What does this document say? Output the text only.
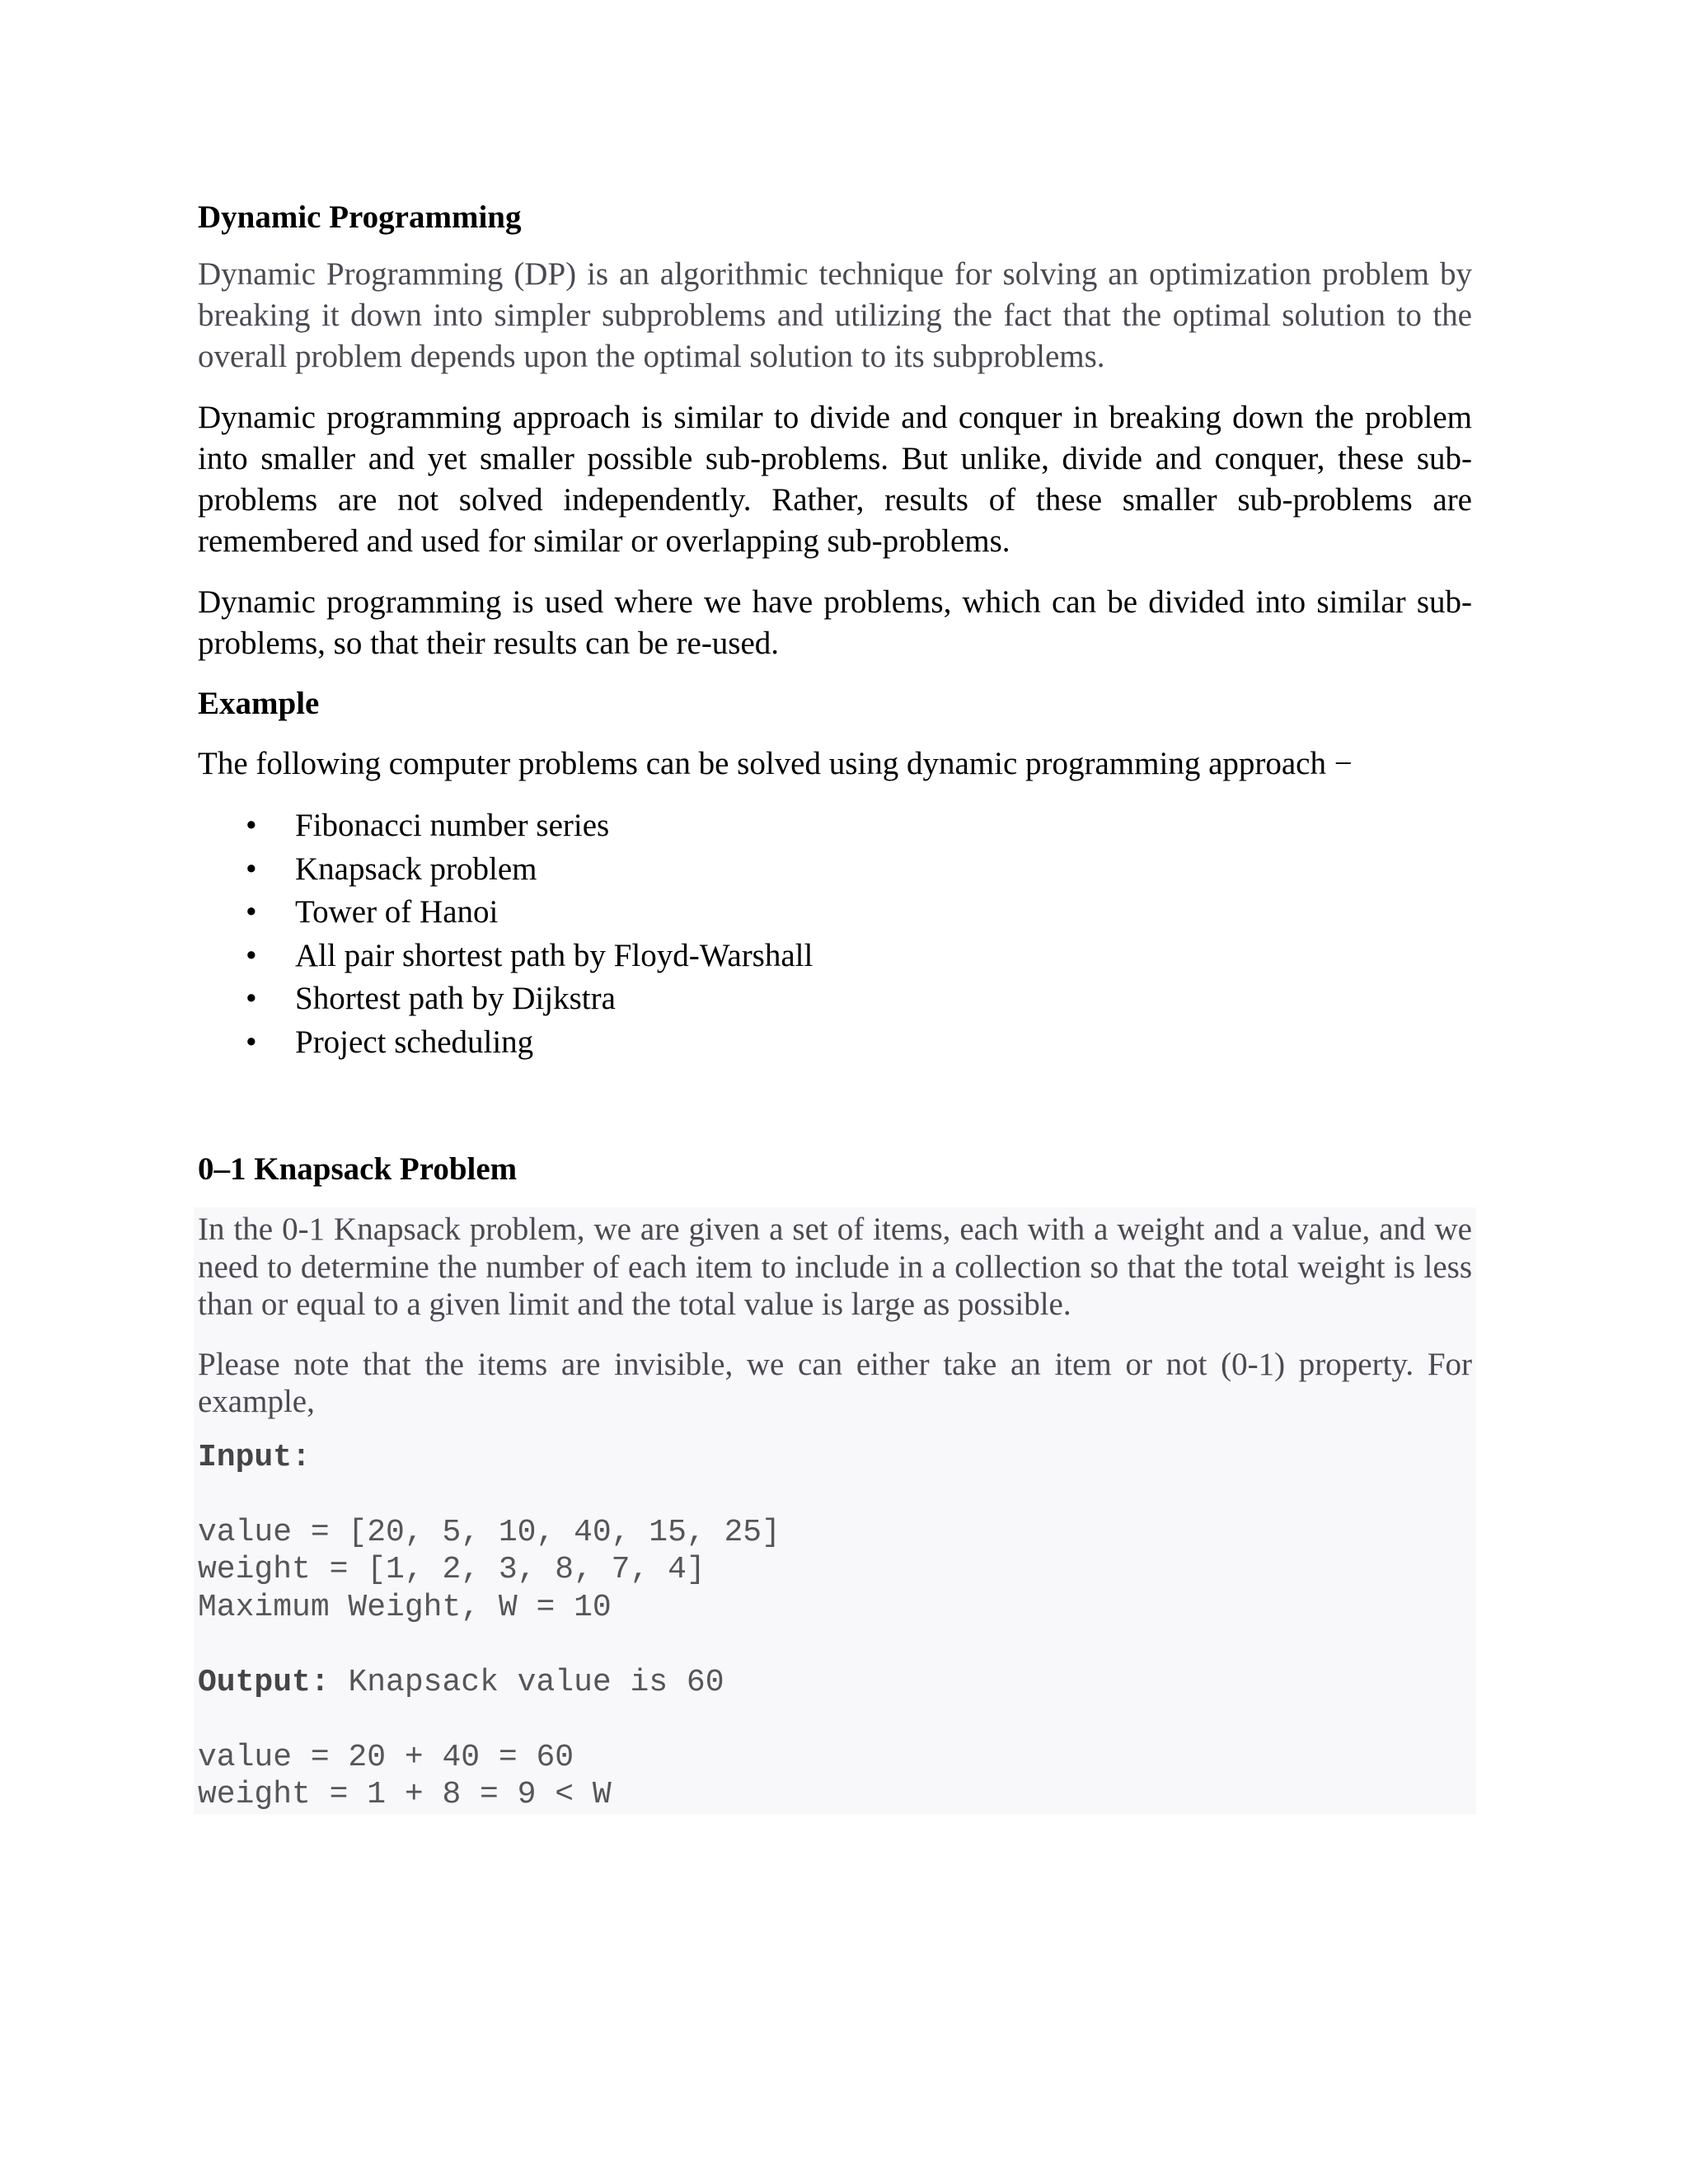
Dynamic Programming

Dynamic Programming (DP) is an algorithmic technique for solving an optimization problem by breaking it down into simpler subproblems and utilizing the fact that the optimal solution to the overall problem depends upon the optimal solution to its subproblems.

Dynamic programming approach is similar to divide and conquer in breaking down the problem into smaller and yet smaller possible sub-problems. But unlike, divide and conquer, these sub-problems are not solved independently. Rather, results of these smaller sub-problems are remembered and used for similar or overlapping sub-problems.

Dynamic programming is used where we have problems, which can be divided into similar sub-problems, so that their results can be re-used.

Example

The following computer problems can be solved using dynamic programming approach −

• Fibonacci number series
• Knapsack problem
• Tower of Hanoi
• All pair shortest path by Floyd-Warshall
• Shortest path by Dijkstra
• Project scheduling
0–1 Knapsack Problem

In the 0-1 Knapsack problem, we are given a set of items, each with a weight and a value, and we need to determine the number of each item to include in a collection so that the total weight is less than or equal to a given limit and the total value is large as possible.

Please note that the items are invisible, we can either take an item or not (0-1) property. For example,

Input:

value = [20, 5, 10, 40, 15, 25]
weight = [1, 2, 3, 8, 7, 4]
Maximum Weight, W = 10

Output: Knapsack value is 60

value = 20 + 40 = 60
weight = 1 + 8 = 9 < W
